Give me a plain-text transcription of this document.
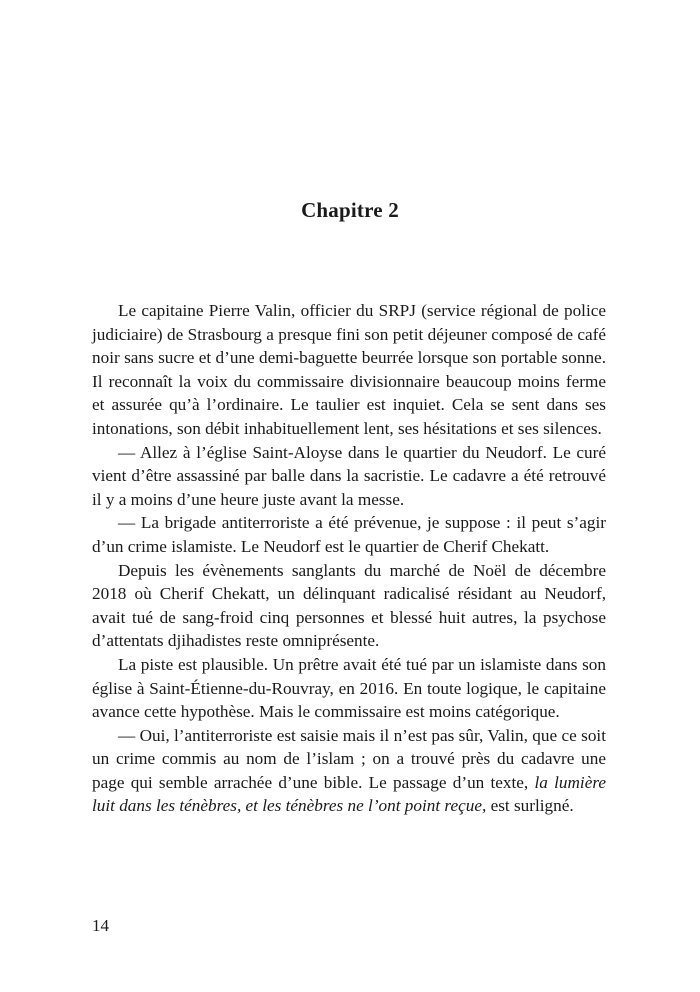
Chapitre 2

Le capitaine Pierre Valin, officier du SRPJ (service régional de police judiciaire) de Strasbourg a presque fini son petit déjeuner composé de café noir sans sucre et d’une demi-baguette beurrée lorsque son portable sonne. Il reconnaît la voix du commissaire divisionnaire beaucoup moins ferme et assurée qu’à l’ordinaire. Le taulier est inquiet. Cela se sent dans ses intonations, son débit inhabituellement lent, ses hésitations et ses silences.

— Allez à l’église Saint-Aloyse dans le quartier du Neudorf. Le curé vient d’être assassiné par balle dans la sacristie. Le cadavre a été retrouvé il y a moins d’une heure juste avant la messe.

— La brigade antiterroriste a été prévenue, je suppose : il peut s’agir d’un crime islamiste. Le Neudorf est le quartier de Cherif Chekatt.

Depuis les évènements sanglants du marché de Noël de décembre 2018 où Cherif Chekatt, un délinquant radicalisé résidant au Neudorf, avait tué de sang-froid cinq personnes et blessé huit autres, la psychose d’attentats djihadistes reste omniprésente.

La piste est plausible. Un prêtre avait été tué par un islamiste dans son église à Saint-Étienne-du-Rouvray, en 2016. En toute logique, le capitaine avance cette hypothèse. Mais le commissaire est moins catégorique.

— Oui, l’antiterroriste est saisie mais il n’est pas sûr, Valin, que ce soit un crime commis au nom de l’islam ; on a trouvé près du cadavre une page qui semble arrachée d’une bible. Le passage d’un texte, la lumière luit dans les ténèbres, et les ténèbres ne l’ont point reçue, est surligné.

14
